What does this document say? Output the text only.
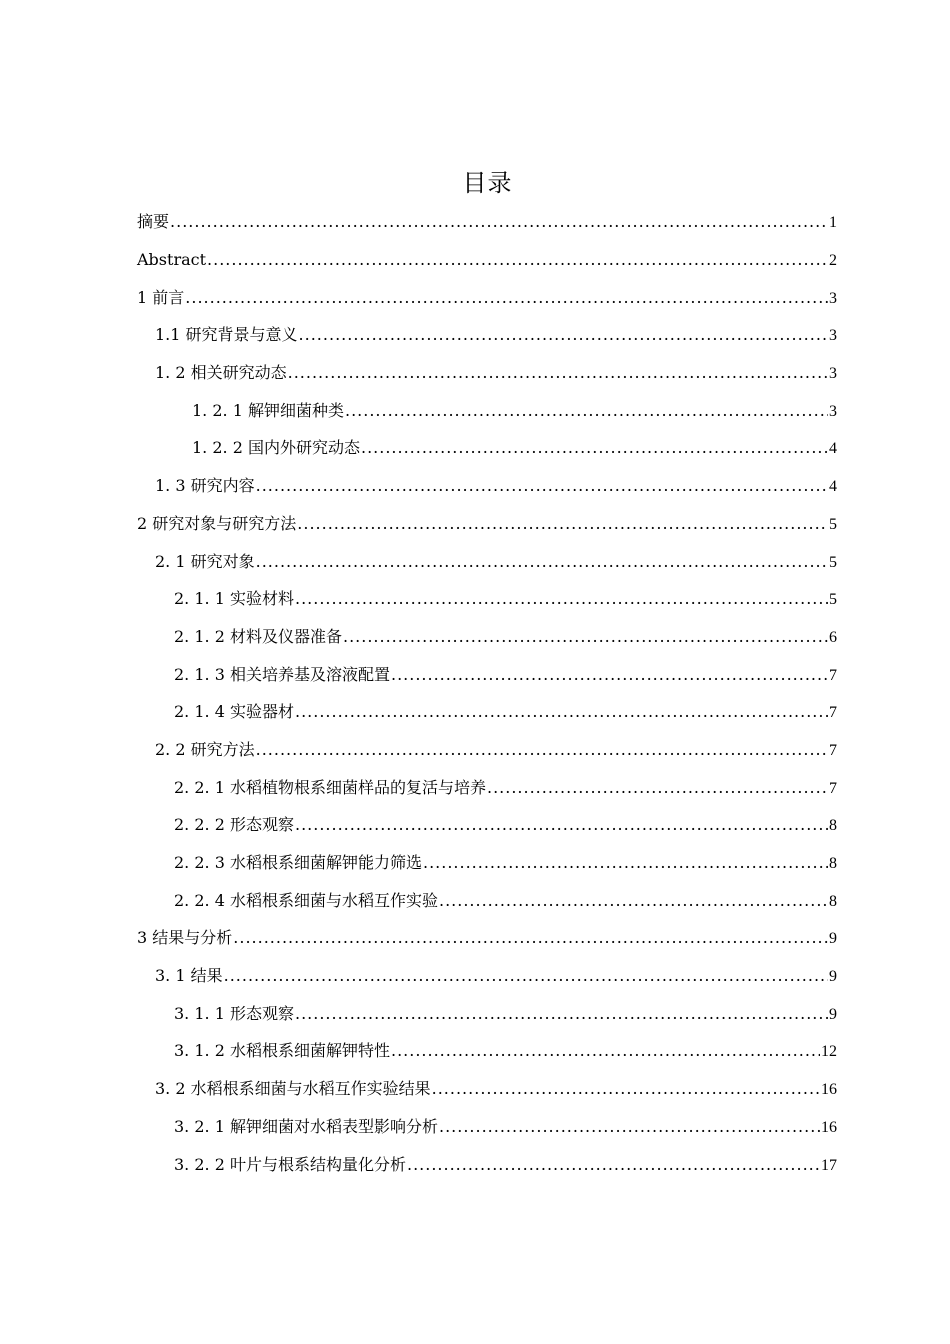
目录
摘要 .....	1
Abstract .....	2
1 前言 .....	3
1.1 研究背景与意义 .....	3
1. 2 相关研究动态 .....	3
1. 2. 1 解钾细菌种类 .....	3
1. 2. 2 国内外研究动态 .....	4
1. 3 研究内容 .....	4
2 研究对象与研究方法 .....	5
2. 1 研究对象 .....	5
2. 1. 1 实验材料 .....	5
2. 1. 2 材料及仪器准备 .....	6
2. 1. 3 相关培养基及溶液配置 .....	7
2. 1. 4 实验器材 .....	7
2. 2 研究方法 .....	7
2. 2. 1 水稻植物根系细菌样品的复活与培养 .....	7
2. 2. 2 形态观察 .....	8
2. 2. 3 水稻根系细菌解钾能力筛选 .....	8
2. 2. 4 水稻根系细菌与水稻互作实验 .....	8
3 结果与分析 .....	9
3. 1 结果 .....	9
3. 1. 1 形态观察 .....	9
3. 1. 2 水稻根系细菌解钾特性 .....	12
3. 2 水稻根系细菌与水稻互作实验结果 .....	16
3. 2. 1 解钾细菌对水稻表型影响分析 .....	16
3. 2. 2 叶片与根系结构量化分析 .....	17
